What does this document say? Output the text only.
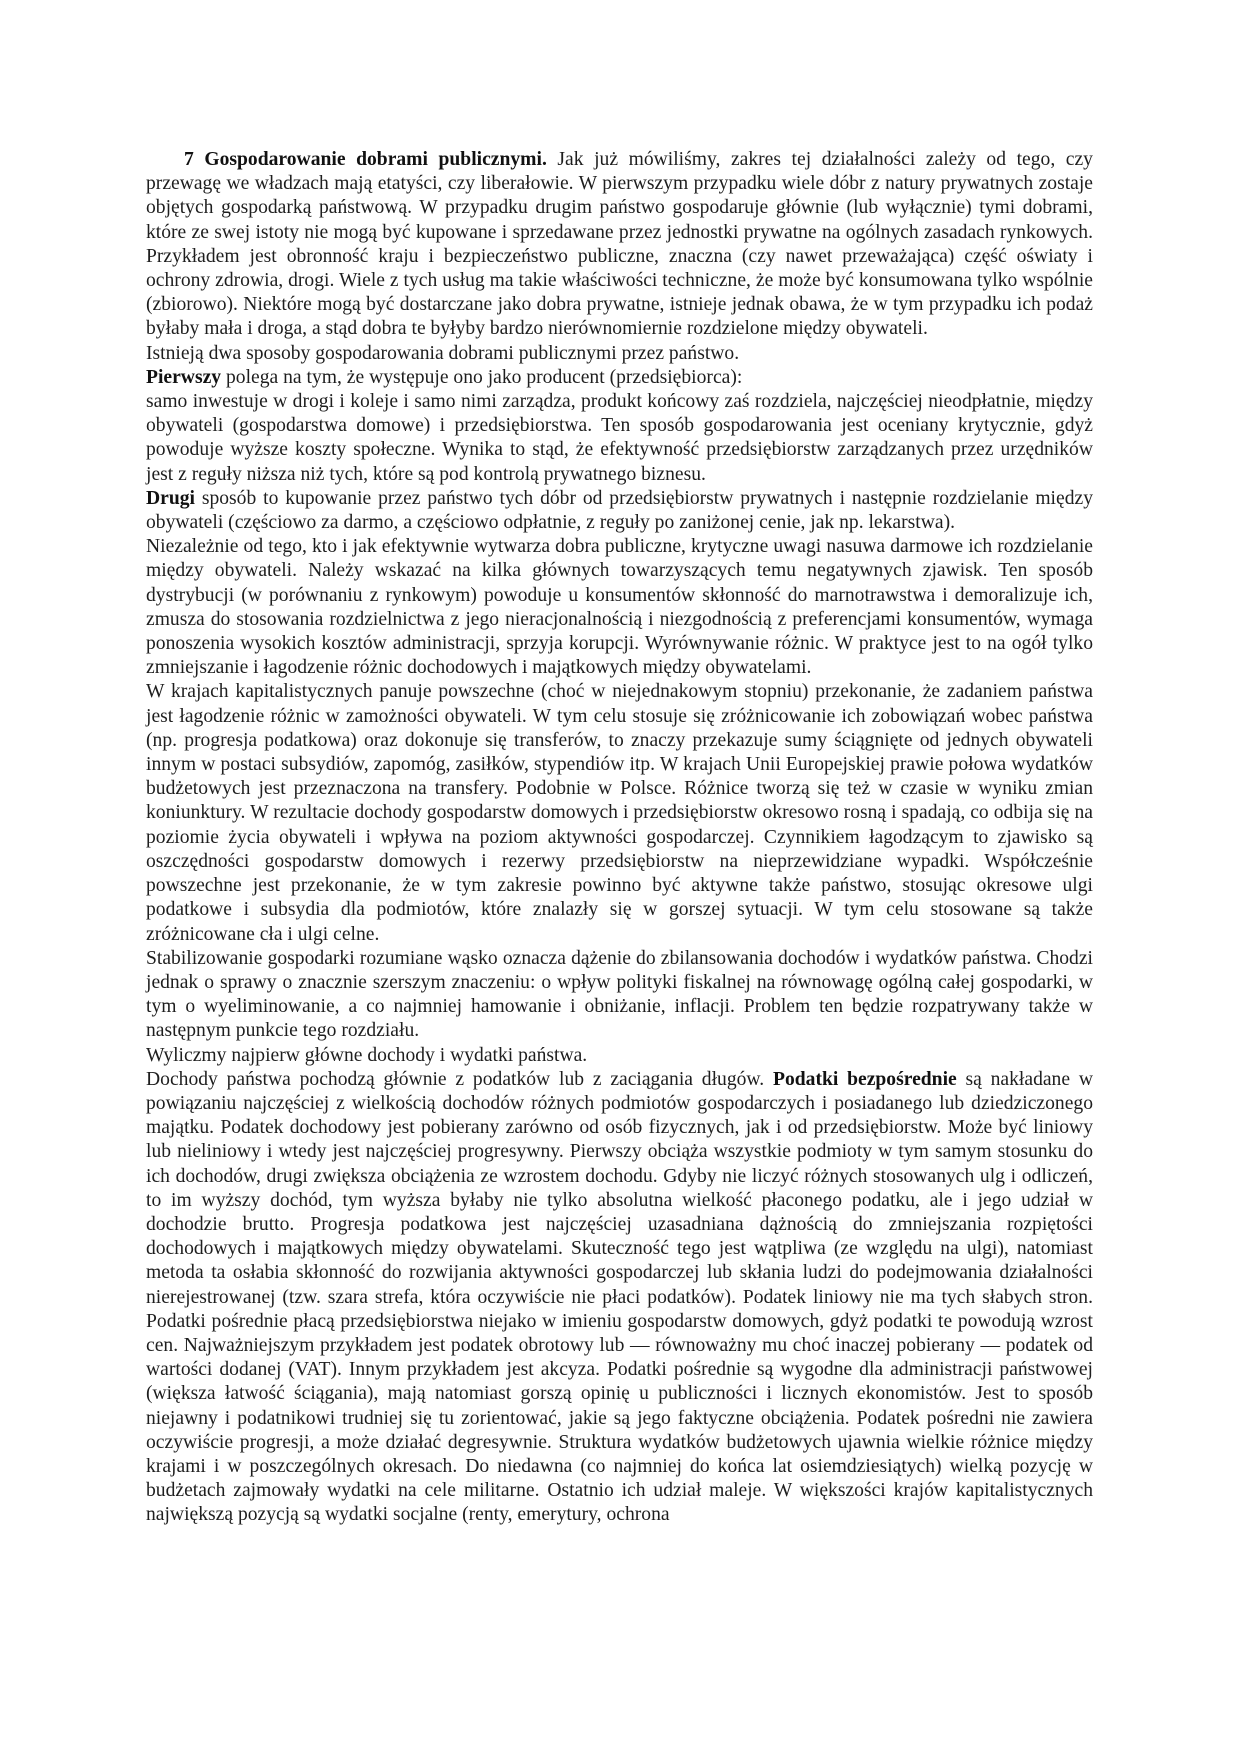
7 Gospodarowanie dobrami publicznymi. Jak już mówiliśmy, zakres tej działalności zależy od tego, czy przewagę we władzach mają etatyści, czy liberałowie. W pierwszym przypadku wiele dóbr z natury prywatnych zostaje objętych gospodarką państwową. W przypadku drugim państwo gospodaruje głównie (lub wyłącznie) tymi dobrami, które ze swej istoty nie mogą być kupowane i sprzedawane przez jednostki prywatne na ogólnych zasadach rynkowych. Przykładem jest obronność kraju i bezpieczeństwo publiczne, znaczna (czy nawet przeważająca) część oświaty i ochrony zdrowia, drogi. Wiele z tych usług ma takie właściwości techniczne, że może być konsumowana tylko wspólnie (zbiorowo). Niektóre mogą być dostarczane jako dobra prywatne, istnieje jednak obawa, że w tym przypadku ich podaż byłaby mała i droga, a stąd dobra te byłyby bardzo nierównomiernie rozdzielone między obywateli.

Istnieją dwa sposoby gospodarowania dobrami publicznymi przez państwo.

Pierwszy polega na tym, że występuje ono jako producent (przedsiębiorca):

samo inwestuje w drogi i koleje i samo nimi zarządza, produkt końcowy zaś rozdziela, najczęściej nieodpłatnie, między obywateli (gospodarstwa domowe) i przedsiębiorstwa. Ten sposób gospodarowania jest oceniany krytycznie, gdyż powoduje wyższe koszty społeczne. Wynika to stąd, że efektywność przedsiębiorstw zarządzanych przez urzędników jest z reguły niższa niż tych, które są pod kontrolą prywatnego biznesu.

Drugi sposób to kupowanie przez państwo tych dóbr od przedsiębiorstw prywatnych i następnie rozdzielanie między obywateli (częściowo za darmo, a częściowo odpłatnie, z reguły po zaniżonej cenie, jak np. lekarstwa).

Niezależnie od tego, kto i jak efektywnie wytwarza dobra publiczne, krytyczne uwagi nasuwa darmowe ich rozdzielanie między obywateli. Należy wskazać na kilka głównych towarzyszących temu negatywnych zjawisk. Ten sposób dystrybucji (w porównaniu z rynkowym) powoduje u konsumentów skłonność do marnotrawstwa i demoralizuje ich, zmusza do stosowania rozdzielnictwa z jego nieracjonalnością i niezgodnością z preferencjami konsumentów, wymaga ponoszenia wysokich kosztów administracji, sprzyja korupcji. Wyrównywanie różnic. W praktyce jest to na ogół tylko zmniejszanie i łagodzenie różnic dochodowych i majątkowych między obywatelami.

W krajach kapitalistycznych panuje powszechne (choć w niejednakowym stopniu) przekonanie, że zadaniem państwa jest łagodzenie różnic w zamożności obywateli. W tym celu stosuje się zróżnicowanie ich zobowiązań wobec państwa (np. progresja podatkowa) oraz dokonuje się transferów, to znaczy przekazuje sumy ściągnięte od jednych obywateli innym w postaci subsydiów, zapomóg, zasiłków, stypendiów itp. W krajach Unii Europejskiej prawie połowa wydatków budżetowych jest przeznaczona na transfery. Podobnie w Polsce. Różnice tworzą się też w czasie w wyniku zmian koniunktury. W rezultacie dochody gospodarstw domowych i przedsiębiorstw okresowo rosną i spadają, co odbija się na poziomie życia obywateli i wpływa na poziom aktywności gospodarczej. Czynnikiem łagodzącym to zjawisko są oszczędności gospodarstw domowych i rezerwy przedsiębiorstw na nieprzewidziane wypadki. Współcześnie powszechne jest przekonanie, że w tym zakresie powinno być aktywne także państwo, stosując okresowe ulgi podatkowe i subsydia dla podmiotów, które znalazły się w gorszej sytuacji. W tym celu stosowane są także zróżnicowane cła i ulgi celne.

Stabilizowanie gospodarki rozumiane wąsko oznacza dążenie do zbilansowania dochodów i wydatków państwa. Chodzi jednak o sprawy o znacznie szerszym znaczeniu: o wpływ polityki fiskalnej na równowagę ogólną całej gospodarki, w tym o wyeliminowanie, a co najmniej hamowanie i obniżanie, inflacji. Problem ten będzie rozpatrywany także w następnym punkcie tego rozdziału.

Wyliczmy najpierw główne dochody i wydatki państwa.

Dochody państwa pochodzą głównie z podatków lub z zaciągania długów. Podatki bezpośrednie są nakładane w powiązaniu najczęściej z wielkością dochodów różnych podmiotów gospodarczych i posiadanego lub dziedziczonego majątku. Podatek dochodowy jest pobierany zarówno od osób fizycznych, jak i od przedsiębiorstw. Może być liniowy lub nieliniowy i wtedy jest najczęściej progresywny. Pierwszy obciąża wszystkie podmioty w tym samym stosunku do ich dochodów, drugi zwiększa obciążenia ze wzrostem dochodu. Gdyby nie liczyć różnych stosowanych ulg i odliczeń, to im wyższy dochód, tym wyższa byłaby nie tylko absolutna wielkość płaconego podatku, ale i jego udział w dochodzie brutto. Progresja podatkowa jest najczęściej uzasadniana dążnością do zmniejszania rozpiętości dochodowych i majątkowych między obywatelami. Skuteczność tego jest wątpliwa (ze względu na ulgi), natomiast metoda ta osłabia skłonność do rozwijania aktywności gospodarczej lub skłania ludzi do podejmowania działalności nierejestrowanej (tzw. szara strefa, która oczywiście nie płaci podatków). Podatek liniowy nie ma tych słabych stron. Podatki pośrednie płacą przedsiębiorstwa niejako w imieniu gospodarstw domowych, gdyż podatki te powodują wzrost cen. Najważniejszym przykładem jest podatek obrotowy lub — równoważny mu choć inaczej pobierany — podatek od wartości dodanej (VAT). Innym przykładem jest akcyza. Podatki pośrednie są wygodne dla administracji państwowej (większa łatwość ściągania), mają natomiast gorszą opinię u publiczności i licznych ekonomistów. Jest to sposób niejawny i podatnikowi trudniej się tu zorientować, jakie są jego faktyczne obciążenia. Podatek pośredni nie zawiera oczywiście progresji, a może działać degresywnie. Struktura wydatków budżetowych ujawnia wielkie różnice między krajami i w poszczególnych okresach. Do niedawna (co najmniej do końca lat osiemdziesiątych) wielką pozycję w budżetach zajmowały wydatki na cele militarne. Ostatnio ich udział maleje. W większości krajów kapitalistycznych największą pozycją są wydatki socjalne (renty, emerytury, ochrona
